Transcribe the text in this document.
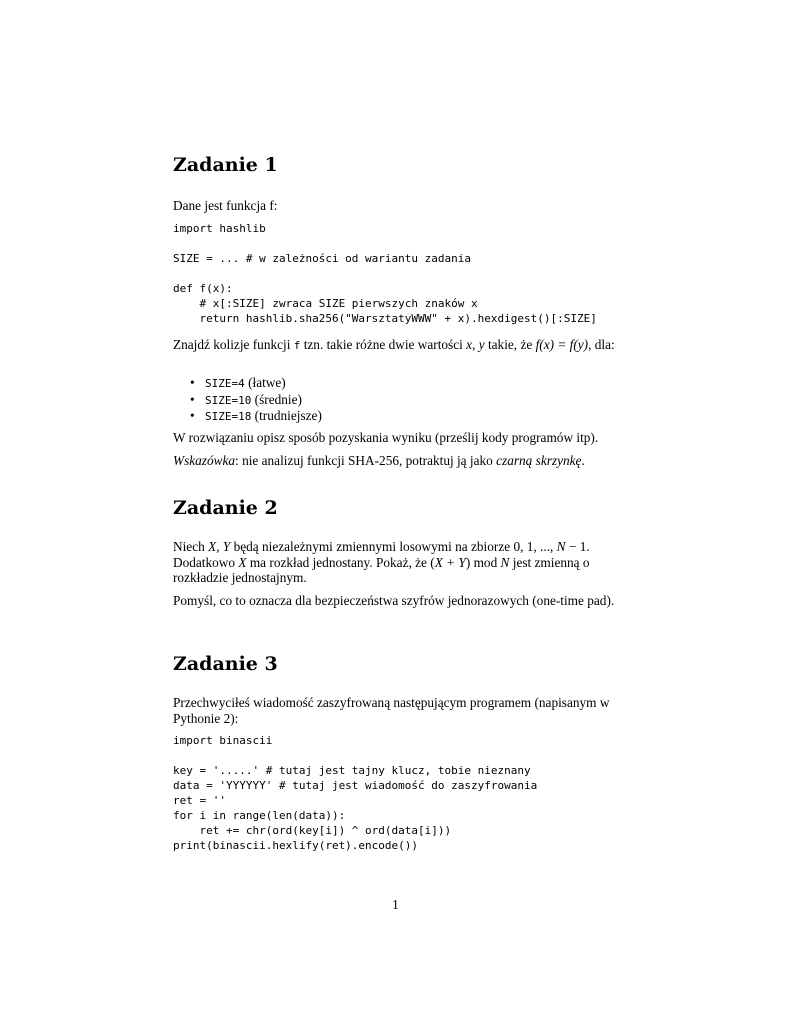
Zadanie 1
Dane jest funkcja f:
import hashlib

SIZE = ... # w zależności od wariantu zadania

def f(x):
# x[:SIZE] zwraca SIZE pierwszych znaków x
return hashlib.sha256("WarsztatyWWW" + x).hexdigest()[:SIZE]
Znajdź kolizje funkcji f tzn. takie różne dwie wartości x, y takie, że f(x) = f(y), dla:
• SIZE=4 (łatwe)
• SIZE=10 (średnie)
• SIZE=18 (trudniejsze)
W rozwiązaniu opisz sposób pozyskania wyniku (prześlij kody programów itp).
Wskazówka: nie analizuj funkcji SHA-256, potraktuj ją jako czarną skrzynkę.
Zadanie 2
Niech X, Y będą niezależnymi zmiennymi losowymi na zbiorze 0, 1, ..., N − 1. Dodatkowo X ma rozkład jednostany. Pokaż, że (X + Y) mod N jest zmienną o rozkładzie jednostajnym.
Pomyśl, co to oznacza dla bezpieczeństwa szyfrów jednorazowych (one-time pad).
Zadanie 3
Przechwyciłeś wiadomość zaszyfrowaną następującym programem (napisanym w Pythonie 2):
import binascii

key = '.....' # tutaj jest tajny klucz, tobie nieznany
data = 'YYYYYY' # tutaj jest wiadomość do zaszyfrowania
ret = ''
for i in range(len(data)):
ret += chr(ord(key[i]) ^ ord(data[i]))
print(binascii.hexlify(ret).encode())
1
